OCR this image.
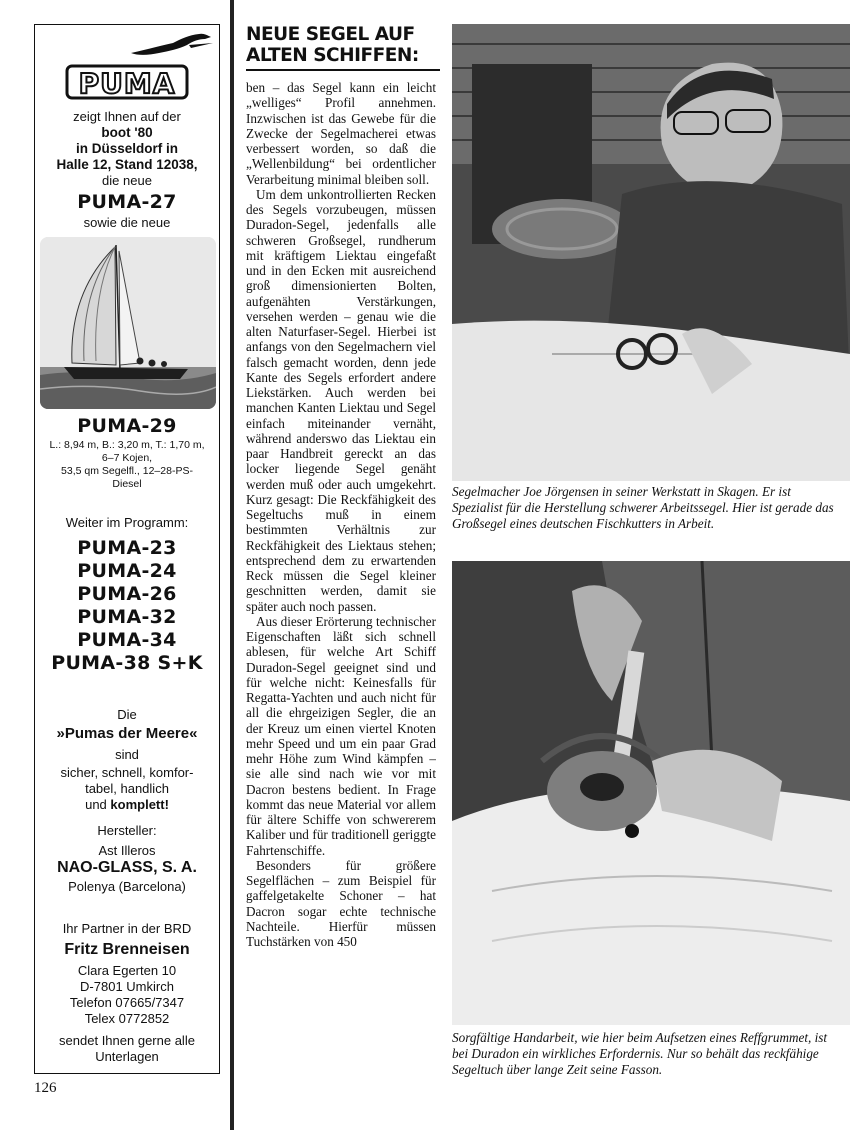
PUMA
zeigt Ihnen auf der
boot '80
in Düsseldorf in
Halle 12, Stand 12038,
die neue
PUMA-27
sowie die neue
PUMA-29
L.: 8,94 m, B.: 3,20 m, T.: 1,70 m,
6–7 Kojen,
53,5 qm Segelfl., 12–28-PS-
Diesel
Weiter im Programm:
PUMA-23
PUMA-24
PUMA-26
PUMA-32
PUMA-34
PUMA-38 S+K
Die
»Pumas der Meere«
sind
sicher, schnell, komfor-
tabel, handlich
und komplett!
Hersteller:
Ast Illeros
NAO-GLASS, S. A.
Polenya (Barcelona)
Ihr Partner in der BRD
Fritz Brenneisen
Clara Egerten 10
D-7801 Umkirch
Telefon 07665/7347
Telex 0772852
sendet Ihnen gerne alle
Unterlagen
NEUE SEGEL AUF
ALTEN SCHIFFEN:

ben – das Segel kann ein leicht „welliges“ Profil annehmen. Inzwischen ist das Gewebe für die Zwecke der Segelmacherei etwas verbessert worden, so daß die „Wellenbildung“ bei ordentlicher Verarbeitung minimal bleiben soll.

Um dem unkontrollierten Recken des Segels vorzubeugen, müssen Duradon-Segel, jedenfalls alle schweren Großsegel, rundherum mit kräftigem Liektau eingefaßt und in den Ecken mit ausreichend groß dimensionierten Bolten, aufgenähten Verstärkungen, versehen werden – genau wie die alten Naturfaser-Segel. Hierbei ist anfangs von den Segelmachern viel falsch gemacht worden, denn jede Kante des Segels erfordert andere Liekstärken. Auch werden bei manchen Kanten Liektau und Segel einfach miteinander vernäht, während anderswo das Liektau ein paar Handbreit gereckt an das locker liegende Segel genäht werden muß oder auch umgekehrt. Kurz gesagt: Die Reckfähigkeit des Segeltuchs muß in einem bestimmten Verhältnis zur Reckfähigkeit des Liektaus stehen; entsprechend dem zu erwartenden Reck müssen die Segel kleiner geschnitten werden, damit sie später auch noch passen.

Aus dieser Erörterung technischer Eigenschaften läßt sich schnell ablesen, für welche Art Schiff Duradon-Segel geeignet sind und für welche nicht: Keinesfalls für Regatta-Yachten und auch nicht für all die ehrgeizigen Segler, die an der Kreuz um einen viertel Knoten mehr Speed und um ein paar Grad mehr Höhe zum Wind kämpfen – sie alle sind nach wie vor mit Dacron bestens bedient. In Frage kommt das neue Material vor allem für ältere Schiffe von schwererem Kaliber und für traditionell geriggte Fahrtenschiffe.

Besonders für größere Segelflächen – zum Beispiel für gaffelgetakelte Schoner – hat Dacron sogar echte technische Nachteile. Hierfür müssen Tuchstärken von 450

Segelmacher Joe Jörgensen in seiner Werkstatt in Skagen. Er ist Spezialist für die Herstellung schwerer Arbeitssegel. Hier ist gerade das Großsegel eines deutschen Fischkutters in Arbeit.
Sorgfältige Handarbeit, wie hier beim Aufsetzen eines Reffgrummet, ist bei Duradon ein wirkliches Erfordernis. Nur so behält das reckfähige Segeltuch über lange Zeit seine Fasson.
126
